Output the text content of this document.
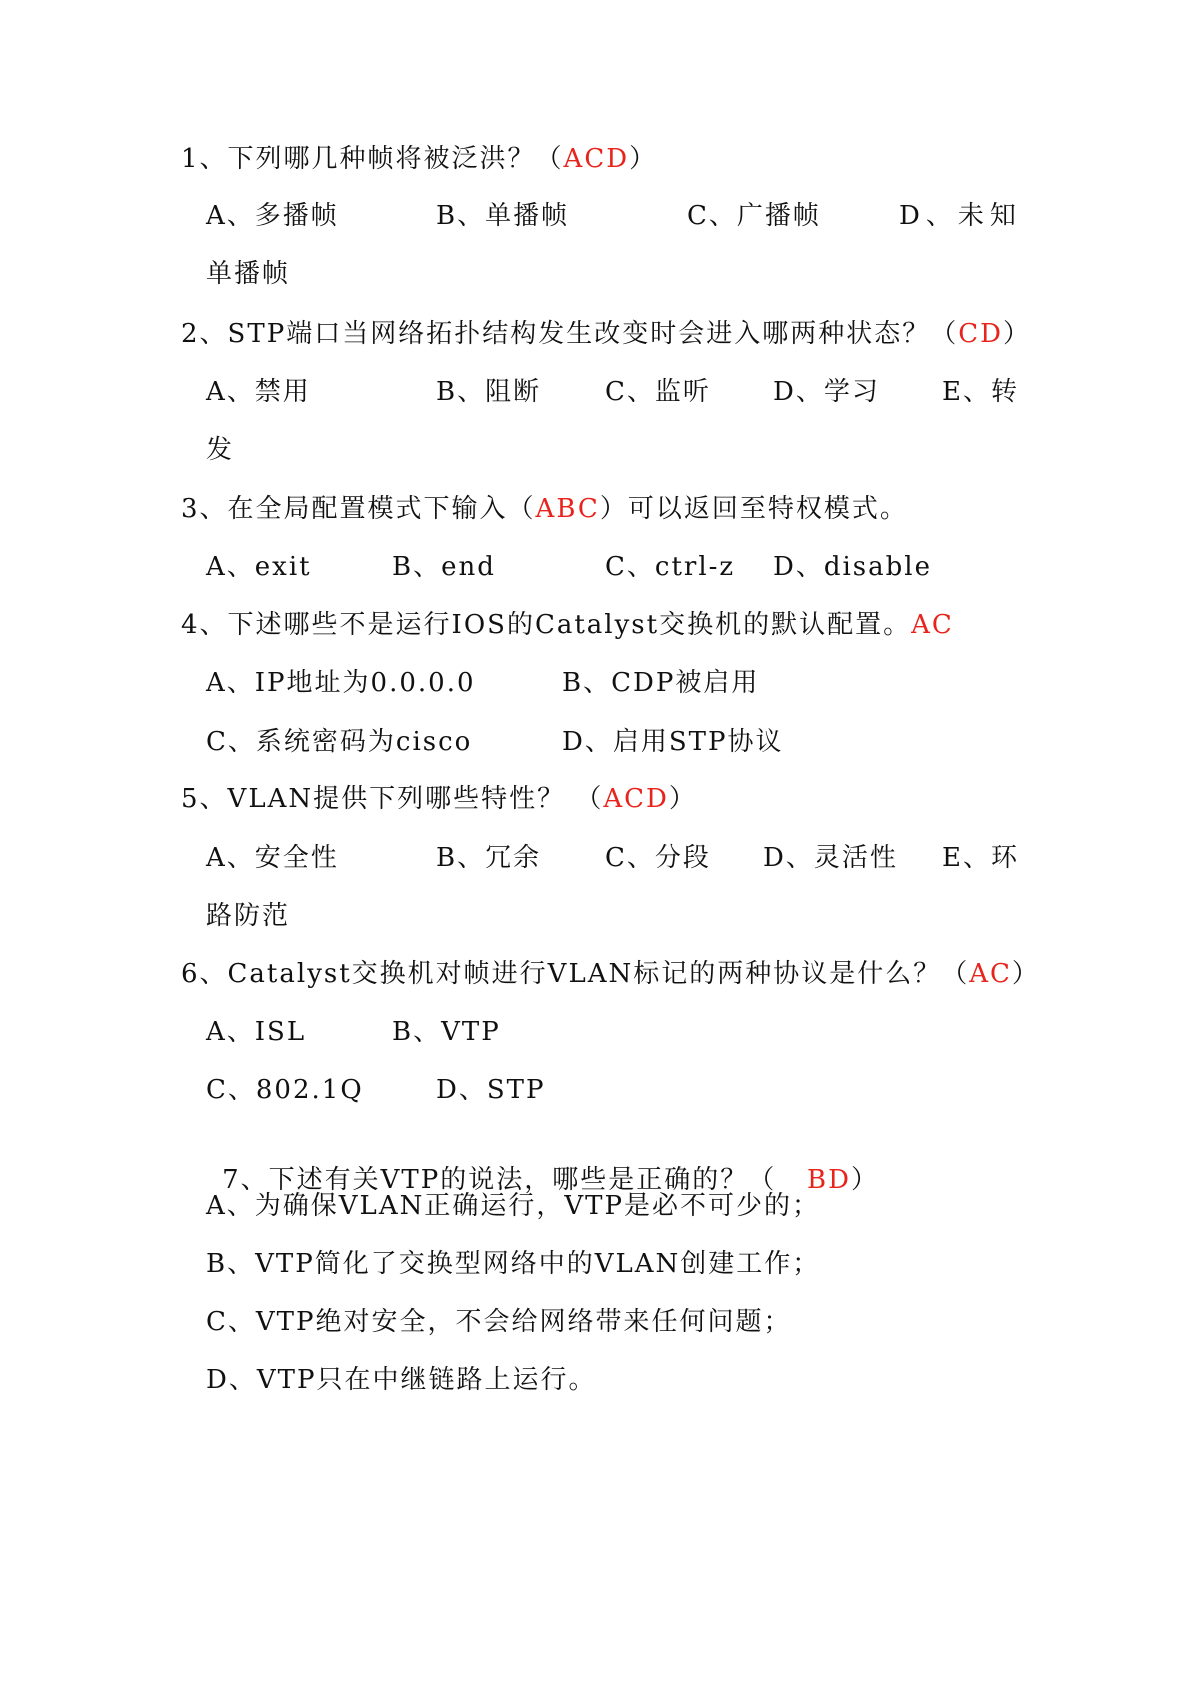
1、下列哪几种帧将被泛洪？（ACD）
A、多播帧	B、单播帧	C、广播帧	D、未知
单播帧
2、STP端口当网络拓扑结构发生改变时会进入哪两种状态？（CD）
A、禁用	B、阻断 C、监听 D、学习 E、转
发
3、在全局配置模式下输入（ABC）可以返回至特权模式。
A、exit	B、end	C、ctrl-z D、disable
4、下述哪些不是运行IOS的Catalyst交换机的默认配置。AC
A、IP地址为0.0.0.0	B、CDP被启用
C、系统密码为cisco	D、启用STP协议
5、VLAN提供下列哪些特性？ （ACD）
A、安全性	B、冗余 C、分段 D、灵活性 E、环
路防范
6、Catalyst交换机对帧进行VLAN标记的两种协议是什么？（AC）
A、ISL	B、VTP
C、802.1Q	D、STP

7、下述有关VTP的说法，哪些是正确的？（   BD）

A、为确保VLAN正确运行，VTP是必不可少的；
B、VTP简化了交换型网络中的VLAN创建工作；
C、VTP绝对安全，不会给网络带来任何问题；
D、VTP只在中继链路上运行。
